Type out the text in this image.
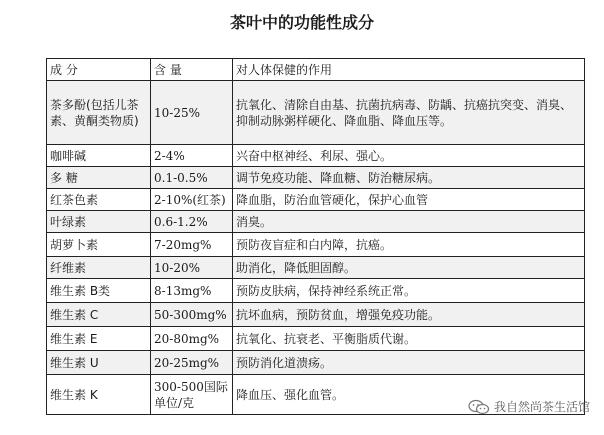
茶叶中的功能性成分
成 分	含 量	对人体保健的作用
茶多酚(包括儿茶素、黄酮类物质)	10-25%	抗氧化、清除自由基、抗菌抗病毒、防龋、抗癌抗突变、消臭、抑制动脉粥样硬化、降血脂、降血压等。
咖啡碱	2-4%	兴奋中枢神经、利尿、强心。
多 糖	0.1-0.5%	调节免疫功能、降血糖、防治糖尿病。
红茶色素	2-10%(红茶)	降血脂，防治血管硬化，保护心血管
叶绿素	0.6-1.2%	消臭。
胡萝卜素	7-20mg%	预防夜盲症和白内障，抗癌。
纤维素	10-20%	助消化，降低胆固醇。
维生素 B类	8-13mg%	预防皮肤病，保持神经系统正常。
维生素 C	50-300mg%	抗坏血病，预防贫血，增强免疫功能。
维生素 E	20-80mg%	抗氧化、抗衰老、平衡脂质代谢。
维生素 U	20-25mg%	预防消化道溃疡。
维生素 K	300-500国际单位/克	降血压、强化血管。
我自然尚茶生活馆
